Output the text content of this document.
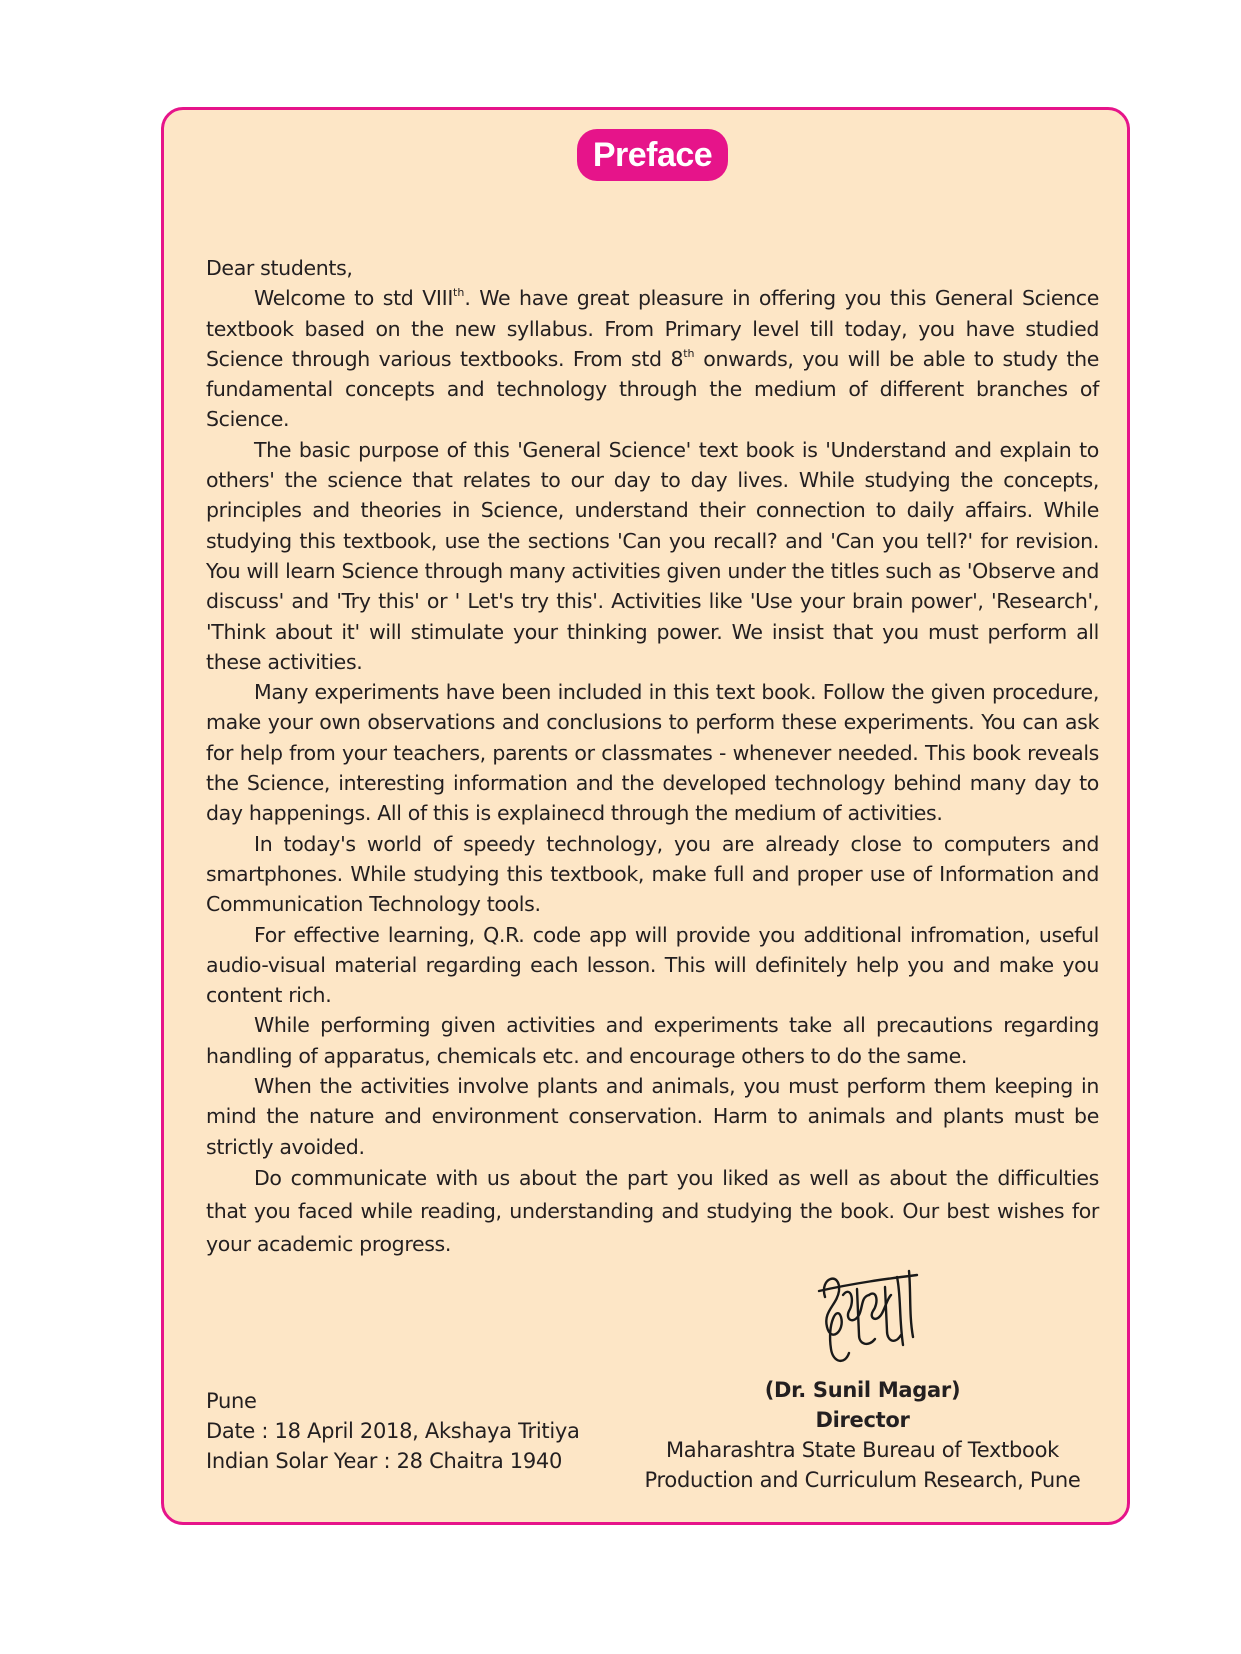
Preface

Dear students,

Welcome to std VIIIth. We have great pleasure in offering you this General Science textbook based on the new syllabus. From Primary level till today, you have studied Science through various textbooks. From std 8th onwards, you will be able to study the fundamental concepts and technology through the medium of different branches of Science.

The basic purpose of this 'General Science' text book is 'Understand and explain to others' the science that relates to our day to day lives. While studying the concepts, principles and theories in Science, understand their connection to daily affairs. While studying this textbook, use the sections 'Can you recall? and 'Can you tell?' for revision. You will learn Science through many activities given under the titles such as 'Observe and discuss' and 'Try this' or ' Let's try this'. Activities like 'Use your brain power', 'Research', 'Think about it' will stimulate your thinking power. We insist that you must perform all these activities.

Many experiments have been included in this text book. Follow the given procedure, make your own observations and conclusions to perform these experiments. You can ask for help from your teachers, parents or classmates - whenever needed. This book reveals the Science, interesting information and the developed technology behind many day to day happenings. All of this is explainecd through the medium of activities.

In today's world of speedy technology, you are already close to computers and smartphones. While studying this textbook, make full and proper use of Information and Communication Technology tools.

For effective learning, Q.R. code app will provide you additional infromation, useful audio-visual material regarding each lesson. This will definitely help you and make you content rich.

While performing given activities and experiments take all precautions regarding handling of apparatus, chemicals etc. and encourage others to do the same.

When the activities involve plants and animals, you must perform them keeping in mind the nature and environment conservation. Harm to animals and plants must be strictly avoided.

Do communicate with us about the part you liked as well as about the difficulties that you faced while reading, understanding and studying the book. Our best wishes for your academic progress.

Pune
Date : 18 April 2018, Akshaya Tritiya
Indian Solar Year : 28 Chaitra 1940
(Dr. Sunil Magar)
Director
Maharashtra State Bureau of Textbook
Production and Curriculum Research, Pune
